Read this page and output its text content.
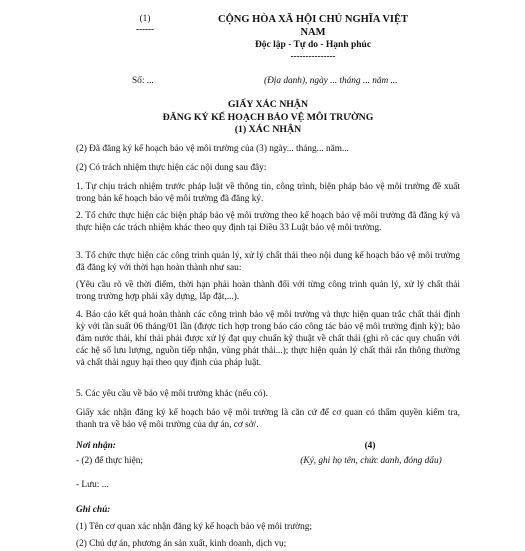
(1)
------
CỘNG HÒA XÃ HỘI CHỦ NGHĨA VIỆT
NAM
Độc lập - Tự do - Hạnh phúc
---------------
Số: ...	(Địa danh), ngày ... tháng ... năm ...
GIẤY XÁC NHẬN
ĐĂNG KÝ KẾ HOẠCH BẢO VỆ MÔI TRƯỜNG
(1) XÁC NHẬN
(2) Đã đăng ký kế hoạch bảo vệ môi trường của (3) ngày... tháng... năm...
(2) Có trách nhiệm thực hiện các nội dung sau đây:
1. Tự chịu trách nhiệm trước pháp luật về thông tin, công trình, biện pháp bảo vệ môi trường đề xuất trong bản kế hoạch bảo vệ môi trường đã đăng ký.
2. Tổ chức thực hiện các biện pháp bảo vệ môi trường theo kế hoạch bảo vệ môi trường đã đăng ký và thực hiện các trách nhiệm khác theo quy định tại Điều 33 Luật bảo vệ môi trường.
3. Tổ chức thực hiện các công trình quản lý, xử lý chất thải theo nội dung kế hoạch bảo vệ môi trường đã đăng ký với thời hạn hoàn thành như sau:
(Yêu cầu rõ về thời điểm, thời hạn phải hoàn thành đối với từng công trình quản lý, xử lý chất thải trong trường hợp phải xây dựng, lắp đặt,...).
4. Báo cáo kết quả hoàn thành các công trình bảo vệ môi trường và thực hiện quan trắc chất thải định kỳ với tần suất 06 tháng/01 lần (được tích hợp trong báo cáo công tác bảo vệ môi trường định kỳ); bảo đảm nước thải, khí thải phải được xử lý đạt quy chuẩn kỹ thuật về chất thải (ghi rõ các quy chuẩn với các hệ số lưu lượng, nguồn tiếp nhận, vùng phát thải...); thực hiện quản lý chất thải rắn thông thường và chất thải nguy hại theo quy định của pháp luật.
5. Các yêu cầu về bảo vệ môi trường khác (nếu có).
Giấy xác nhận đăng ký kế hoạch bảo vệ môi trường là căn cứ để cơ quan có thẩm quyền kiểm tra, thanh tra về bảo vệ môi trường của dự án, cơ sở/.
Nơi nhận:
- (2) để thực hiện;
- Lưu: ...
(4)
(Ký, ghi họ tên, chức danh, đóng dấu)
Ghi chú:
(1) Tên cơ quan xác nhận đăng ký kế hoạch bảo vệ môi trường;
(2) Chủ dự án, phương án sản xuất, kinh doanh, dịch vụ;
